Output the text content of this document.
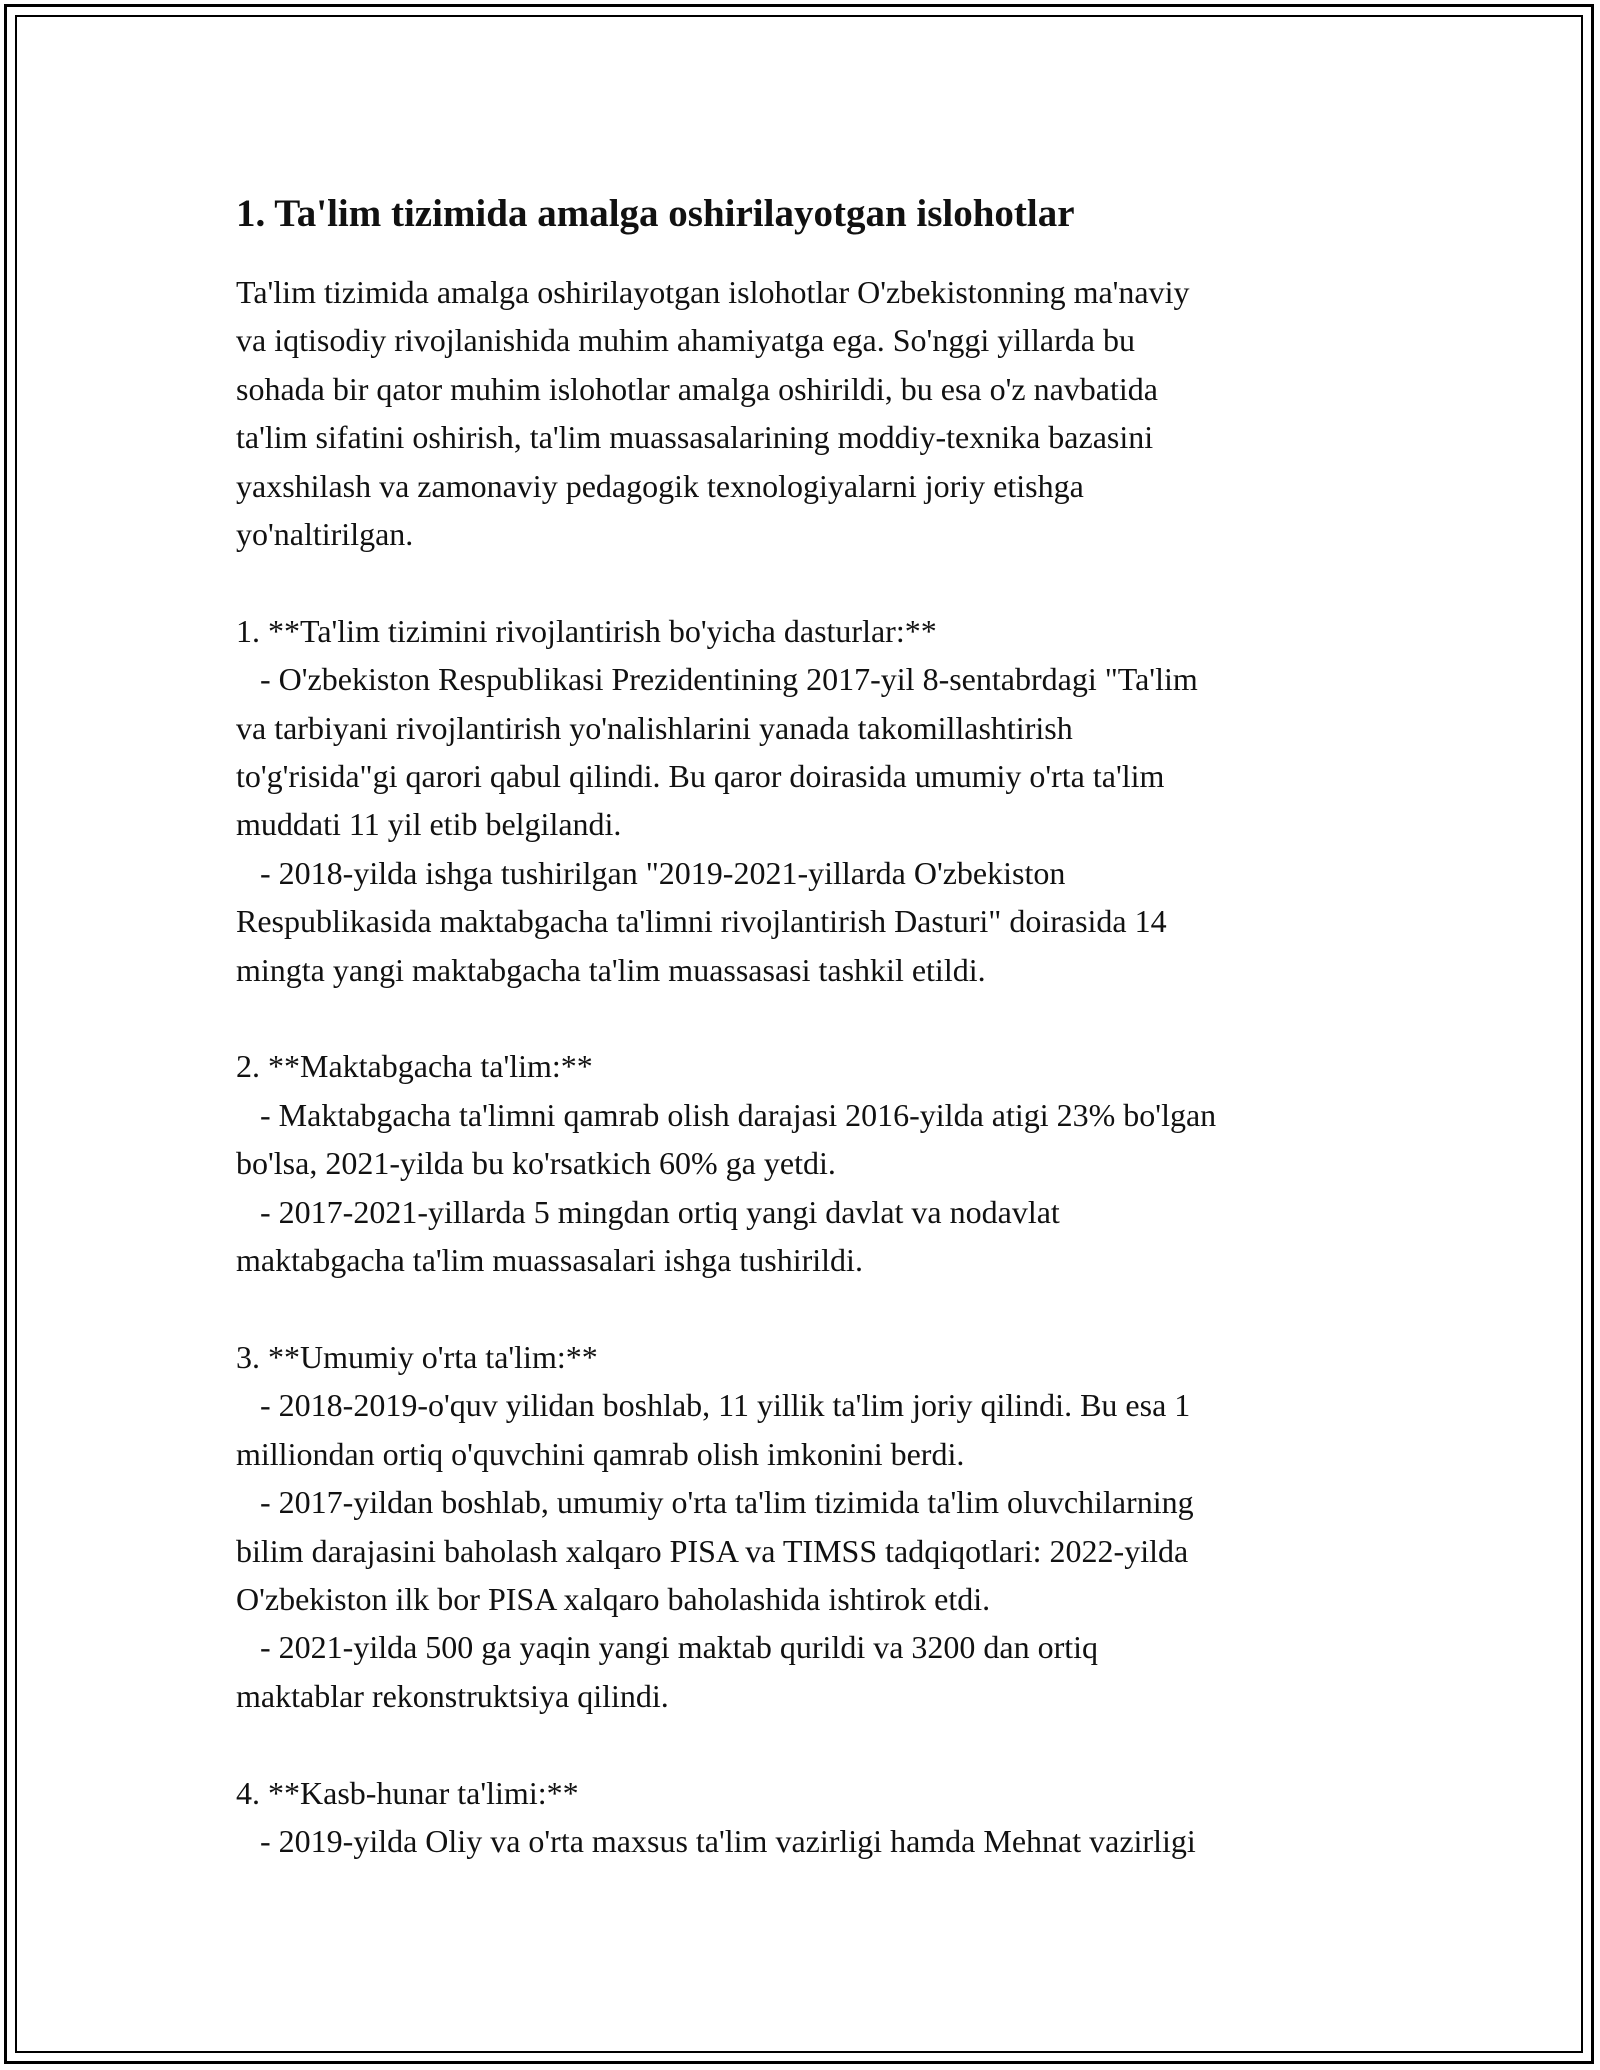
1. Ta'lim tizimida amalga oshirilayotgan islohotlar

Ta'lim tizimida amalga oshirilayotgan islohotlar O'zbekistonning ma'naviy
va iqtisodiy rivojlanishida muhim ahamiyatga ega. So'nggi yillarda bu
sohada bir qator muhim islohotlar amalga oshirildi, bu esa o'z navbatida
ta'lim sifatini oshirish, ta'lim muassasalarining moddiy-texnika bazasini
yaxshilash va zamonaviy pedagogik texnologiyalarni joriy etishga
yo'naltirilgan.

1. **Ta'lim tizimini rivojlantirish bo'yicha dasturlar:**

- O'zbekiston Respublikasi Prezidentining 2017-yil 8-sentabrdagi "Ta'lim
va tarbiyani rivojlantirish yo'nalishlarini yanada takomillashtirish
to'g'risida"gi qarori qabul qilindi. Bu qaror doirasida umumiy o'rta ta'lim
muddati 11 yil etib belgilandi.

- 2018-yilda ishga tushirilgan "2019-2021-yillarda O'zbekiston
Respublikasida maktabgacha ta'limni rivojlantirish Dasturi" doirasida 14
mingta yangi maktabgacha ta'lim muassasasi tashkil etildi.

2. **Maktabgacha ta'lim:**

- Maktabgacha ta'limni qamrab olish darajasi 2016-yilda atigi 23% bo'lgan
bo'lsa, 2021-yilda bu ko'rsatkich 60% ga yetdi.

- 2017-2021-yillarda 5 mingdan ortiq yangi davlat va nodavlat
maktabgacha ta'lim muassasalari ishga tushirildi.

3. **Umumiy o'rta ta'lim:**

- 2018-2019-o'quv yilidan boshlab, 11 yillik ta'lim joriy qilindi. Bu esa 1
milliondan ortiq o'quvchini qamrab olish imkonini berdi.

- 2017-yildan boshlab, umumiy o'rta ta'lim tizimida ta'lim oluvchilarning
bilim darajasini baholash xalqaro PISA va TIMSS tadqiqotlari: 2022-yilda
O'zbekiston ilk bor PISA xalqaro baholashida ishtirok etdi.

- 2021-yilda 500 ga yaqin yangi maktab qurildi va 3200 dan ortiq
maktablar rekonstruktsiya qilindi.

4. **Kasb-hunar ta'limi:**

- 2019-yilda Oliy va o'rta maxsus ta'lim vazirligi hamda Mehnat vazirligi
